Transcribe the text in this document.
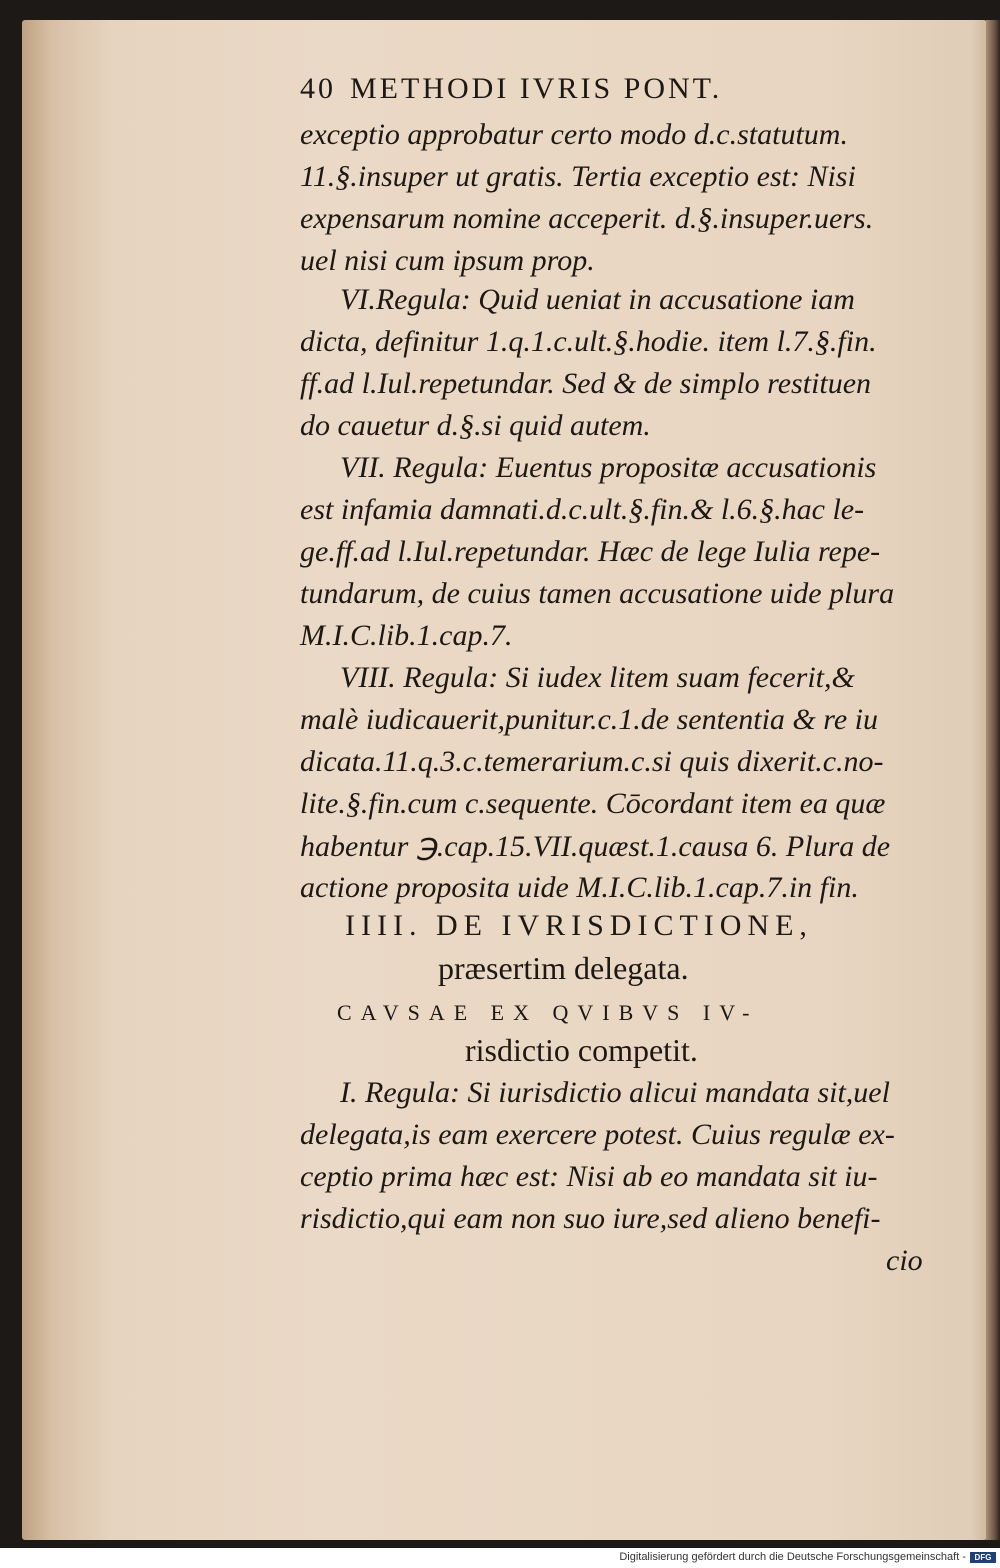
40 METHODI IVRIS PONT.
exceptio approbatur certo modo d.c.statutum.
11.§.insuper ut gratis. Tertia exceptio est: Nisi
expensarum nomine acceperit. d.§.insuper.uers.
uel nisi cum ipsum prop.
VI.Regula: Quid ueniat in accusatione iam
dicta, definitur 1.q.1.c.ult.§.hodie. item l.7.§.fin.
ff.ad l.Iul.repetundar. Sed & de simplo restituen
do cauetur d.§.si quid autem.
VII. Regula: Euentus propositæ accusationis
est infamia damnati.d.c.ult.§.fin.& l.6.§.hac le-
ge.ff.ad l.Iul.repetundar. Hæc de lege Iulia repe-
tundarum, de cuius tamen accusatione uide plura
M.I.C.lib.1.cap.7.
VIII. Regula: Si iudex litem suam fecerit,&
malè iudicauerit,punitur.c.1.de sententia & re iu
dicata.11.q.3.c.temerarium.c.si quis dixerit.c.no-
lite.§.fin.cum c.sequente. Cōcordant item ea quæ
habentur ℈.cap.15.VII.quæst.1.causa 6. Plura de
actione proposita uide M.I.C.lib.1.cap.7.in fin.
IIII. DE IVRISDICTIONE,
præsertim delegata.
CAVSAE EX QVIBVS IV-
risdictio competit.
I. Regula: Si iurisdictio alicui mandata sit,uel
delegata,is eam exercere potest. Cuius regulæ ex-
ceptio prima hæc est: Nisi ab eo mandata sit iu-
risdictio,qui eam non suo iure,sed alieno benefi-
cio
Digitalisierung gefördert durch die Deutsche Forschungsgemeinschaft -	DFG
